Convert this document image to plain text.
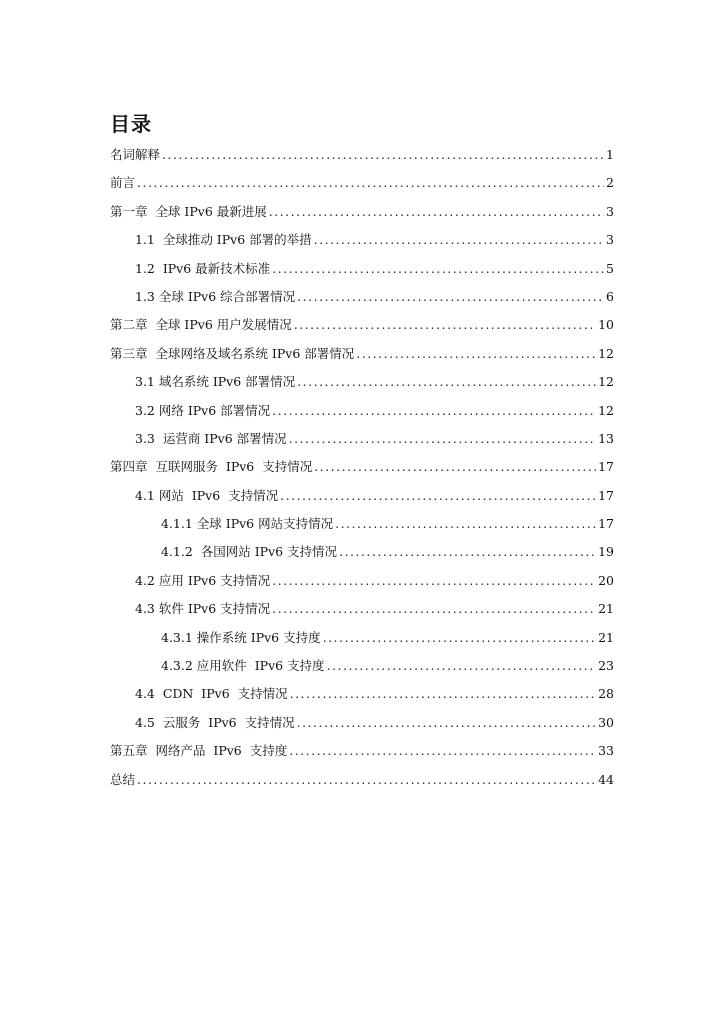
目录
名词解释 .....	1
前言 .....	2
第一章  全球 IPv6 最新进展 .....	3
1.1  全球推动 IPv6 部署的举措 .....	3
1.2  IPv6 最新技术标准 .....	5
1.3 全球 IPv6 综合部署情况 .....	6
第二章  全球 IPv6 用户发展情况 .....	10
第三章  全球网络及域名系统 IPv6 部署情况 .....	12
3.1 域名系统 IPv6 部署情况 .....	12
3.2 网络 IPv6 部署情况 .....	12
3.3  运营商 IPv6 部署情况 .....	13
第四章  互联网服务  IPv6  支持情况 .....	17
4.1 网站  IPv6  支持情况 .....	17
4.1.1 全球 IPv6 网站支持情况 .....	17
4.1.2  各国网站 IPv6 支持情况 .....	19
4.2 应用 IPv6 支持情况 .....	20
4.3 软件 IPv6 支持情况 .....	21
4.3.1 操作系统 IPv6 支持度 .....	21
4.3.2 应用软件  IPv6 支持度 .....	23
4.4  CDN  IPv6  支持情况 .....	28
4.5  云服务  IPv6  支持情况 .....	30
第五章  网络产品  IPv6  支持度 .....	33
总结 .....	44
